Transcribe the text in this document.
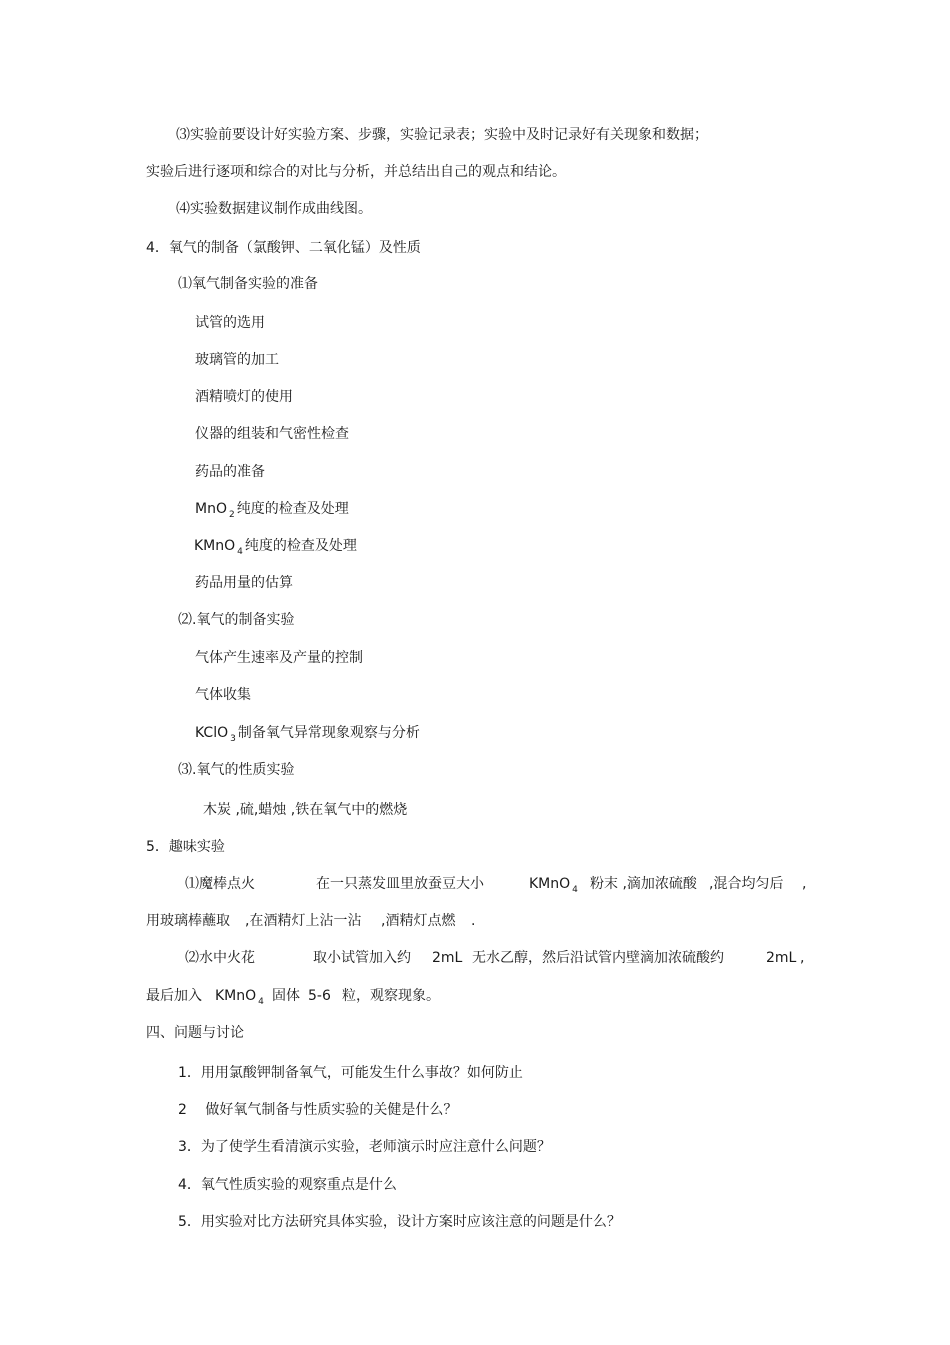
⑶实验前要设计好实验方案、步骤，实验记录表；实验中及时记录好有关现象和数据；
实验后进行逐项和综合的对比与分析，并总结出自己的观点和结论。
⑷实验数据建议制作成曲线图。
4．氧气的制备（氯酸钾、二氧化锰）及性质
⑴氧气制备实验的准备
试管的选用
玻璃管的加工
酒精喷灯的使用
仪器的组装和气密性检查
药品的准备
MnO $_2$ 纯度的检查及处理
KMnO $_4$ 纯度的检查及处理
药品用量的估算
⑵.氧气的制备实验
气体产生速率及产量的控制
气体收集
KClO $_3$ 制备氧气异常现象观察与分析
⑶.氧气的性质实验
木炭 ,硫,蜡烛 ,铁在氧气中的燃烧
5．趣味实验
⑴魔棒点火	在一只蒸发皿里放蚕豆大小	KMnO $_4$ 粉末 ,滴加浓硫酸 ,混合均匀后 ,
用玻璃棒蘸取 ,在酒精灯上沾一沾 ,酒精灯点燃 .
⑵水中火花	取小试管加入约 2mL 无水乙醇，然后沿试管内壁滴加浓硫酸约	2mL ,
最后加入 KMnO $_4$ 固体 5-6 粒，观察现象。
四、问题与讨论
1．用用氯酸钾制备氧气，可能发生什么事故？如何防止
2　 做好氧气制备与性质实验的关健是什么？
3．为了使学生看清演示实验，老师演示时应注意什么问题？
4．氧气性质实验的观察重点是什么
5．用实验对比方法研究具体实验，设计方案时应该注意的问题是什么？
